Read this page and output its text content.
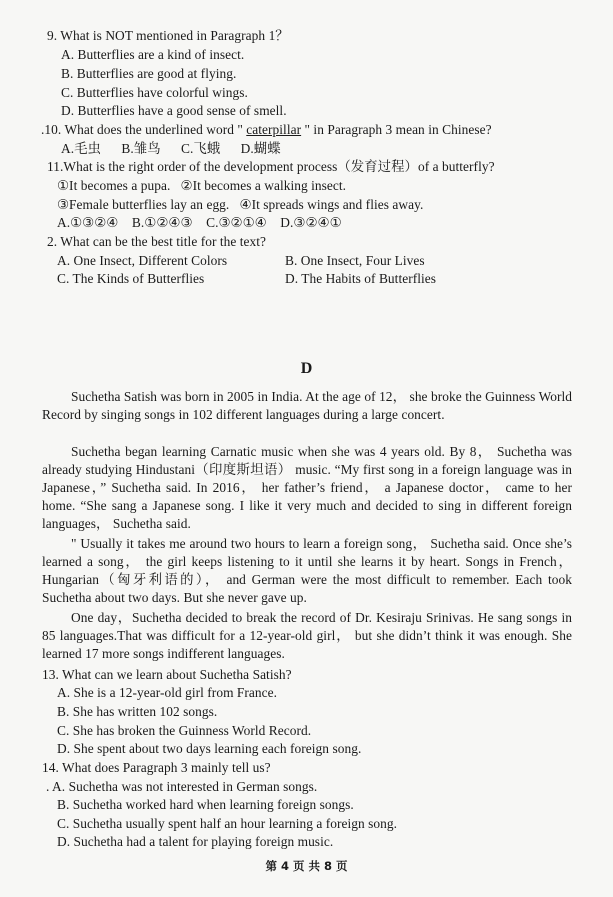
9. What is NOT mentioned in Paragraph 1？
A. Butterflies are a kind of insect.
B. Butterflies are good at flying.
C. Butterflies have colorful wings.
D. Butterflies have a good sense of smell.
.10. What does the underlined word " caterpillar " in Paragraph 3 mean in Chinese?
A.毛虫      B.雏鸟      C.飞蛾      D.蝴蝶
11.What is the right order of the development process（发育过程）of a butterfly?
①It becomes a pupa.   ②It becomes a walking insect.
③Female butterflies lay an egg.   ④It spreads wings and flies away.
A.①③②④    B.①②④③    C.③②①④    D.③②④①
2. What can be the best title for the text?
A. One Insect, Different Colors	B. One Insect, Four Lives
C. The Kinds of Butterflies	D. The Habits of Butterflies
D
Suchetha Satish was born in 2005 in India. At the age of 12， she broke the Guinness World Record by singing songs in 102 different languages during a large concert.
Suchetha began learning Carnatic music when she was 4 years old. By 8， Suchetha was already studying Hindustani（印度斯坦语） music. “My first song in a foreign language was in Japanese，” Suchetha said. In 2016， her father’s friend， a Japanese doctor， came to her home. “She sang a Japanese song. I like it very much and decided to sing in different foreign languages， Suchetha said.
" Usually it takes me around two hours to learn a foreign song， Suchetha said. Once she’s learned a song， the girl keeps listening to it until she learns it by heart. Songs in French， Hungarian（匈牙利语的）， and German were the most difficult to remember. Each took Suchetha about two days. But she never gave up.
One day，Suchetha decided to break the record of Dr. Kesiraju Srinivas. He sang songs in 85 languages.That was difficult for a 12-year-old girl， but she didn’t think it was enough. She learned 17 more songs indifferent languages.
13. What can we learn about Suchetha Satish?
A. She is a 12-year-old girl from France.
B. She has written 102 songs.
C. She has broken the Guinness World Record.
D. She spent about two days learning each foreign song.
14. What does Paragraph 3 mainly tell us?
. A. Suchetha was not interested in German songs.
B. Suchetha worked hard when learning foreign songs.
C. Suchetha usually spent half an hour learning a foreign song.
D. Suchetha had a talent for playing foreign music.
第 4 页 共 8 页
